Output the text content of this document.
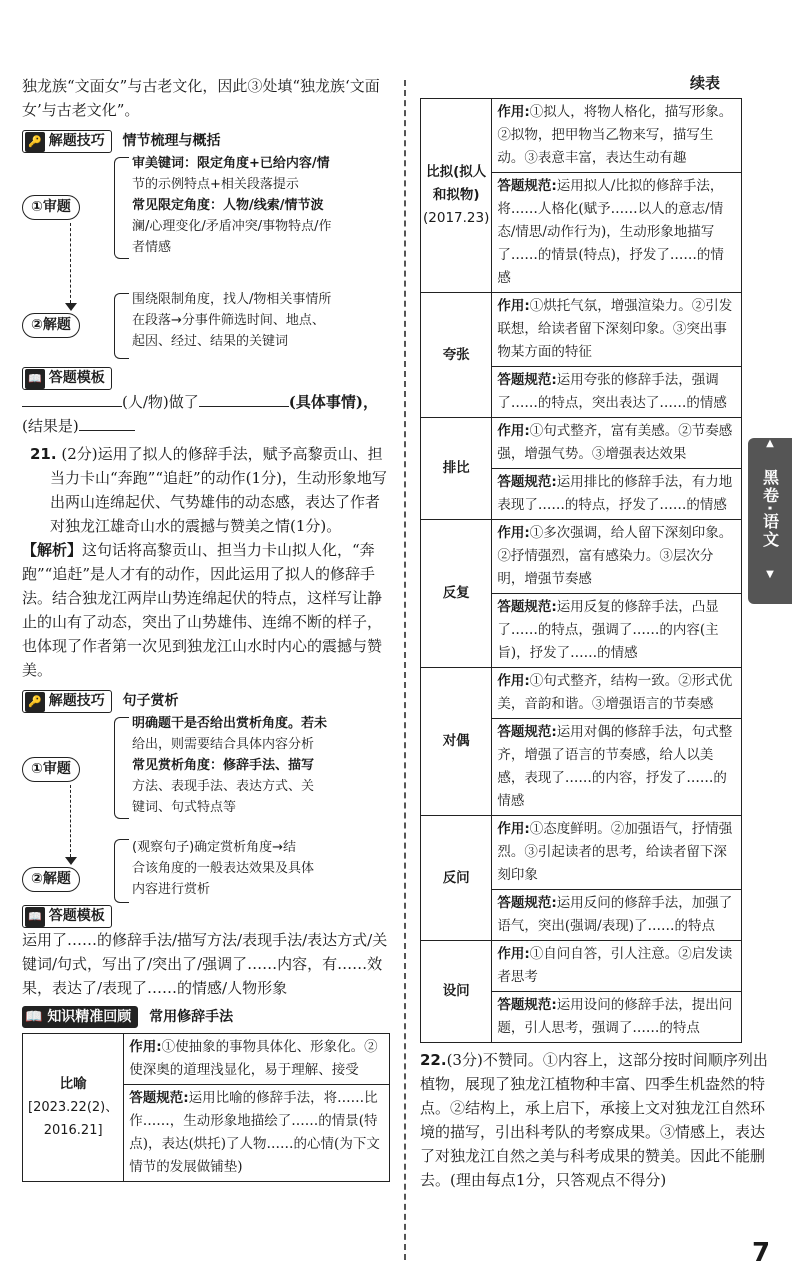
独龙族“文面女”与古老文化，因此③处填“独龙族‘文面女’与古老文化”。

🔑 解题技巧 情节梳理与概括
①审题
审美键词：限定角度+已给内容/情
节的示例特点+相关段落提示
常见限定角度：人物/线索/情节波
澜/心理变化/矛盾冲突/事物特点/作
者情感
②解题
围绕限制角度，找人/物相关事情所
在段落→分事件筛选时间、地点、
起因、经过、结果的关键词
📖 答题模板

(人/物)做了	(具体事情)，

(结果是)

21. (2分)运用了拟人的修辞手法，赋予高黎贡山、担当力卡山“奔跑”“追赶”的动作(1分)，生动形象地写出两山连绵起伏、气势雄伟的动态感，表达了作者对独龙江雄奇山水的震撼与赞美之情(1分)。

【解析】这句话将高黎贡山、担当力卡山拟人化，“奔跑”“追赶”是人才有的动作，因此运用了拟人的修辞手法。结合独龙江两岸山势连绵起伏的特点，这样写让静止的山有了动态，突出了山势雄伟、连绵不断的样子，也体现了作者第一次见到独龙江山水时内心的震撼与赞美。

🔑 解题技巧 句子赏析
①审题
明确题干是否给出赏析角度。若未
给出，则需要结合具体内容分析
常见赏析角度：修辞手法、描写
方法、表现手法、表达方式、关
键词、句式特点等
②解题
(观察句子)确定赏析角度→结
合该角度的一般表达效果及具体
内容进行赏析
📖 答题模板

运用了……的修辞手法/描写方法/表现手法/表达方式/关键词/句式，写出了/突出了/强调了……内容，有……效果，表达了/表现了……的情感/人物形象

📖 知识精准回顾 常用修辞手法
比喻
[2023.22(2)、2016.21]
	作用:①使抽象的事物具体化、形象化。②使深奥的道理浅显化，易于理解、接受
答题规范:运用比喻的修辞手法，将……比作……，生动形象地描绘了……的情景(特点)，表达(烘托)了人物……的心情(为下文情节的发展做铺垫)
续表
比拟(拟人和拟物)
(2017.23)	作用:①拟人，将物人格化，描写形象。②拟物，把甲物当乙物来写，描写生动。③表意丰富，表达生动有趣
	答题规范:运用拟人/比拟的修辞手法，将……人格化(赋予……以人的意志/情态/情思/动作行为)，生动形象地描写了……的情景(特点)，抒发了……的情感

夸张	作用:①烘托气氛，增强渲染力。②引发联想，给读者留下深刻印象。③突出事物某方面的特征
	答题规范:运用夸张的修辞手法，强调了……的特点，突出表达了……的情感

排比	作用:①句式整齐，富有美感。②节奏感强，增强气势。③增强表达效果
	答题规范:运用排比的修辞手法，有力地表现了……的特点，抒发了……的情感

反复	作用:①多次强调，给人留下深刻印象。②抒情强烈，富有感染力。③层次分明，增强节奏感
	答题规范:运用反复的修辞手法，凸显了……的特点，强调了……的内容(主旨)，抒发了……的情感

对偶	作用:①句式整齐，结构一致。②形式优美，音韵和谐。③增强语言的节奏感
	答题规范:运用对偶的修辞手法，句式整齐，增强了语言的节奏感，给人以美感，表现了……的内容，抒发了……的情感

反问	作用:①态度鲜明。②加强语气，抒情强烈。③引起读者的思考，给读者留下深刻印象
	答题规范:运用反问的修辞手法，加强了语气，突出(强调/表现)了……的特点

设问	作用:①自问自答，引人注意。②启发读者思考
	答题规范:运用设问的修辞手法，提出问题，引人思考，强调了……的特点

22.(3分)不赞同。①内容上，这部分按时间顺序列出植物，展现了独龙江植物种丰富、四季生机盎然的特点。②结构上，承上启下，承接上文对独龙江自然环境的描写，引出科考队的考察成果。③情感上，表达了对独龙江自然之美与科考成果的赞美。因此不能删去。(理由每点1分，只答观点不得分)

▲
黑卷·语文
▼
7
